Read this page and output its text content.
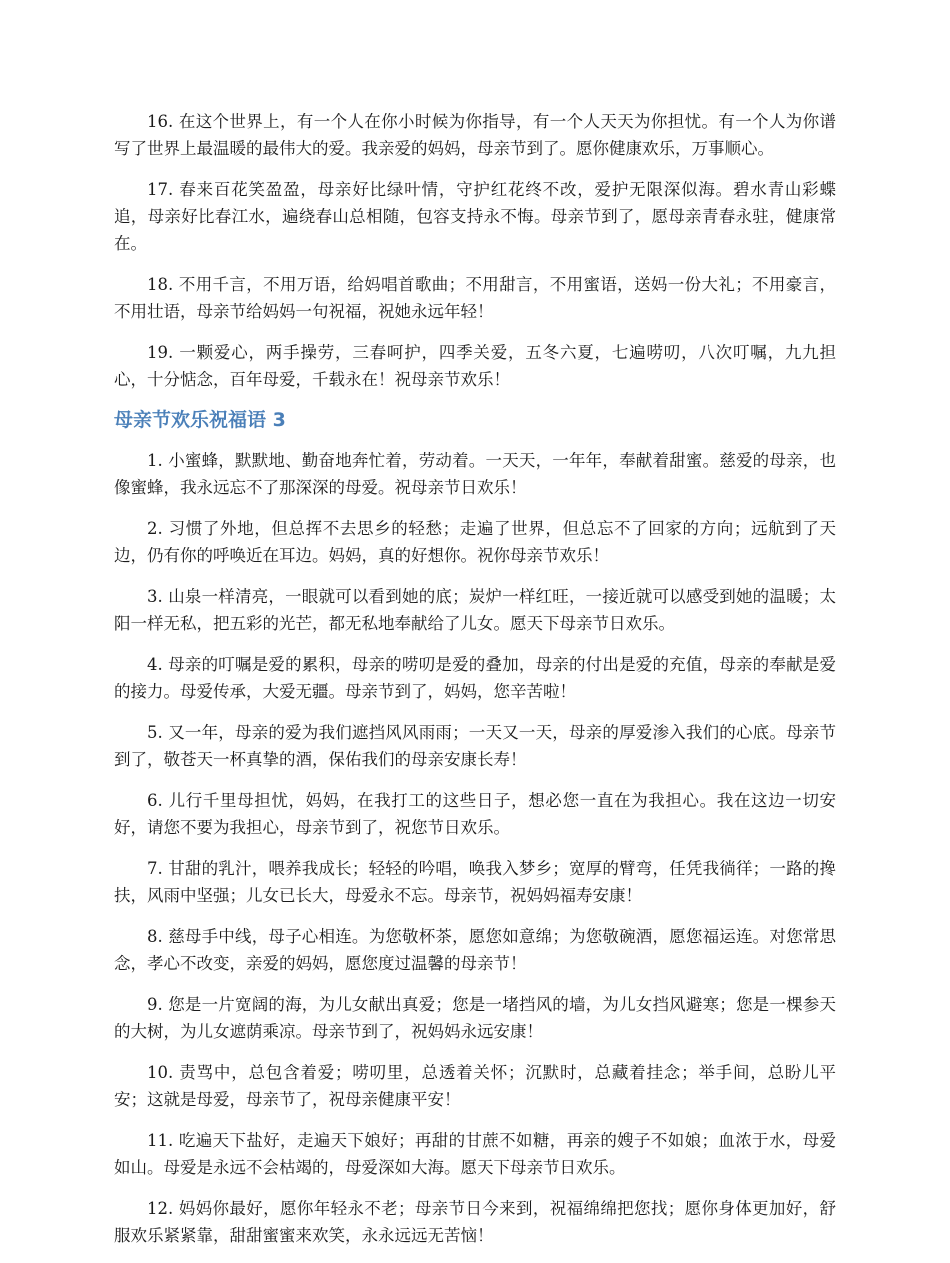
16. 在这个世界上，有一个人在你小时候为你指导，有一个人天天为你担忧。有一个人为你谱写了世界上最温暖的最伟大的爱。我亲爱的妈妈，母亲节到了。愿你健康欢乐，万事顺心。

17. 春来百花笑盈盈，母亲好比绿叶情，守护红花终不改，爱护无限深似海。碧水青山彩蝶追，母亲好比春江水，遍绕春山总相随，包容支持永不悔。母亲节到了，愿母亲青春永驻，健康常在。

18. 不用千言，不用万语，给妈唱首歌曲；不用甜言，不用蜜语，送妈一份大礼；不用豪言，不用壮语，母亲节给妈妈一句祝福，祝她永远年轻！

19. 一颗爱心，两手操劳，三春呵护，四季关爱，五冬六夏，七遍唠叨，八次叮嘱，九九担心，十分惦念，百年母爱，千载永在！祝母亲节欢乐！

母亲节欢乐祝福语 3

1. 小蜜蜂，默默地、勤奋地奔忙着，劳动着。一天天，一年年，奉献着甜蜜。慈爱的母亲，也像蜜蜂，我永远忘不了那深深的母爱。祝母亲节日欢乐！

2. 习惯了外地，但总挥不去思乡的轻愁；走遍了世界，但总忘不了回家的方向；远航到了天边，仍有你的呼唤近在耳边。妈妈，真的好想你。祝你母亲节欢乐！

3. 山泉一样清亮，一眼就可以看到她的底；炭炉一样红旺，一接近就可以感受到她的温暖；太阳一样无私，把五彩的光芒，都无私地奉献给了儿女。愿天下母亲节日欢乐。

4. 母亲的叮嘱是爱的累积，母亲的唠叨是爱的叠加，母亲的付出是爱的充值，母亲的奉献是爱的接力。母爱传承，大爱无疆。母亲节到了，妈妈，您辛苦啦！

5. 又一年，母亲的爱为我们遮挡风风雨雨；一天又一天，母亲的厚爱渗入我们的心底。母亲节到了，敬苍天一杯真挚的酒，保佑我们的母亲安康长寿！

6. 儿行千里母担忧，妈妈，在我打工的这些日子，想必您一直在为我担心。我在这边一切安好，请您不要为我担心，母亲节到了，祝您节日欢乐。

7. 甘甜的乳汁，喂养我成长；轻轻的吟唱，唤我入梦乡；宽厚的臂弯，任凭我徜徉；一路的搀扶，风雨中坚强；儿女已长大，母爱永不忘。母亲节，祝妈妈福寿安康！

8. 慈母手中线，母子心相连。为您敬杯茶，愿您如意绵；为您敬碗酒，愿您福运连。对您常思念，孝心不改变，亲爱的妈妈，愿您度过温馨的母亲节！

9. 您是一片宽阔的海，为儿女献出真爱；您是一堵挡风的墙，为儿女挡风避寒；您是一棵参天的大树，为儿女遮荫乘凉。母亲节到了，祝妈妈永远安康！

10. 责骂中，总包含着爱；唠叨里，总透着关怀；沉默时，总藏着挂念；举手间，总盼儿平安；这就是母爱，母亲节了，祝母亲健康平安！

11. 吃遍天下盐好，走遍天下娘好；再甜的甘蔗不如糖，再亲的嫂子不如娘；血浓于水，母爱如山。母爱是永远不会枯竭的，母爱深如大海。愿天下母亲节日欢乐。

12. 妈妈你最好，愿你年轻永不老；母亲节日今来到，祝福绵绵把您找；愿你身体更加好，舒服欢乐紧紧靠，甜甜蜜蜜来欢笑，永永远远无苦恼！
